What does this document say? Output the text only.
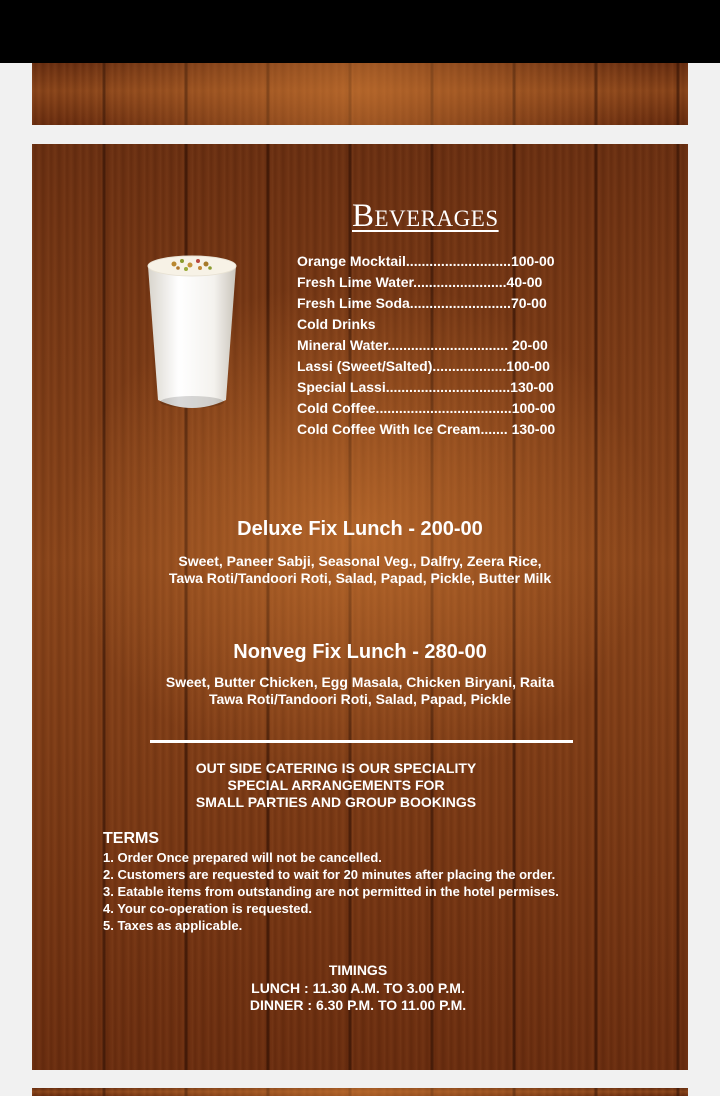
Beverages
Orange Mocktail...........................100-00
Fresh Lime Water........................40-00
Fresh Lime Soda..........................70-00
Cold Drinks
Mineral Water............................... 20-00
Lassi (Sweet/Salted)...................100-00
Special Lassi................................130-00
Cold Coffee...................................100-00
Cold Coffee With Ice Cream....... 130-00
Deluxe Fix Lunch - 200-00
Sweet, Paneer Sabji, Seasonal Veg., Dalfry, Zeera Rice,
Tawa Roti/Tandoori Roti, Salad, Papad, Pickle, Butter Milk
Nonveg Fix Lunch - 280-00
Sweet, Butter Chicken, Egg Masala, Chicken Biryani, Raita
Tawa Roti/Tandoori Roti, Salad, Papad, Pickle
OUT SIDE CATERING IS OUR SPECIALITY
SPECIAL ARRANGEMENTS FOR
SMALL PARTIES AND GROUP BOOKINGS
TERMS
1. Order Once prepared will not be cancelled.
2. Customers are requested to wait for 20 minutes after placing the order.
3. Eatable items from outstanding are not permitted in the hotel permises.
4. Your co-operation is requested.
5. Taxes as applicable.
TIMINGS
LUNCH : 11.30 A.M. TO 3.00 P.M.
DINNER : 6.30 P.M. TO 11.00 P.M.
